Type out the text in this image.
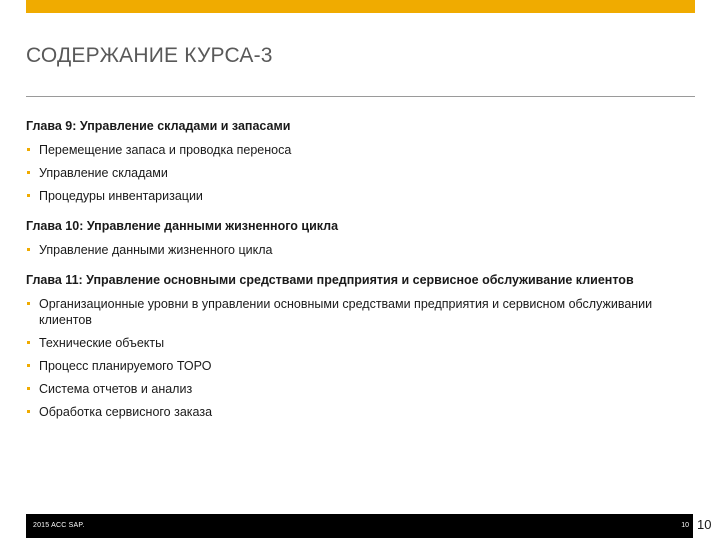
СОДЕРЖАНИЕ КУРСА-3

Глава 9: Управление складами и запасами

Перемещение запаса и проводка переноса
Управление складами
Процедуры инвентаризации

Глава 10: Управление данными жизненного цикла

Управление данными жизненного цикла

Глава 11: Управление основными средствами предприятия и сервисное обслуживание клиентов

Организационные уровни в управлении основными средствами предприятия и сервисном обслуживании клиентов
Технические объекты
Процесс планируемого ТОРО
Система отчетов и анализ
Обработка сервисного заказа
2015 ACC SAP.	10 10
